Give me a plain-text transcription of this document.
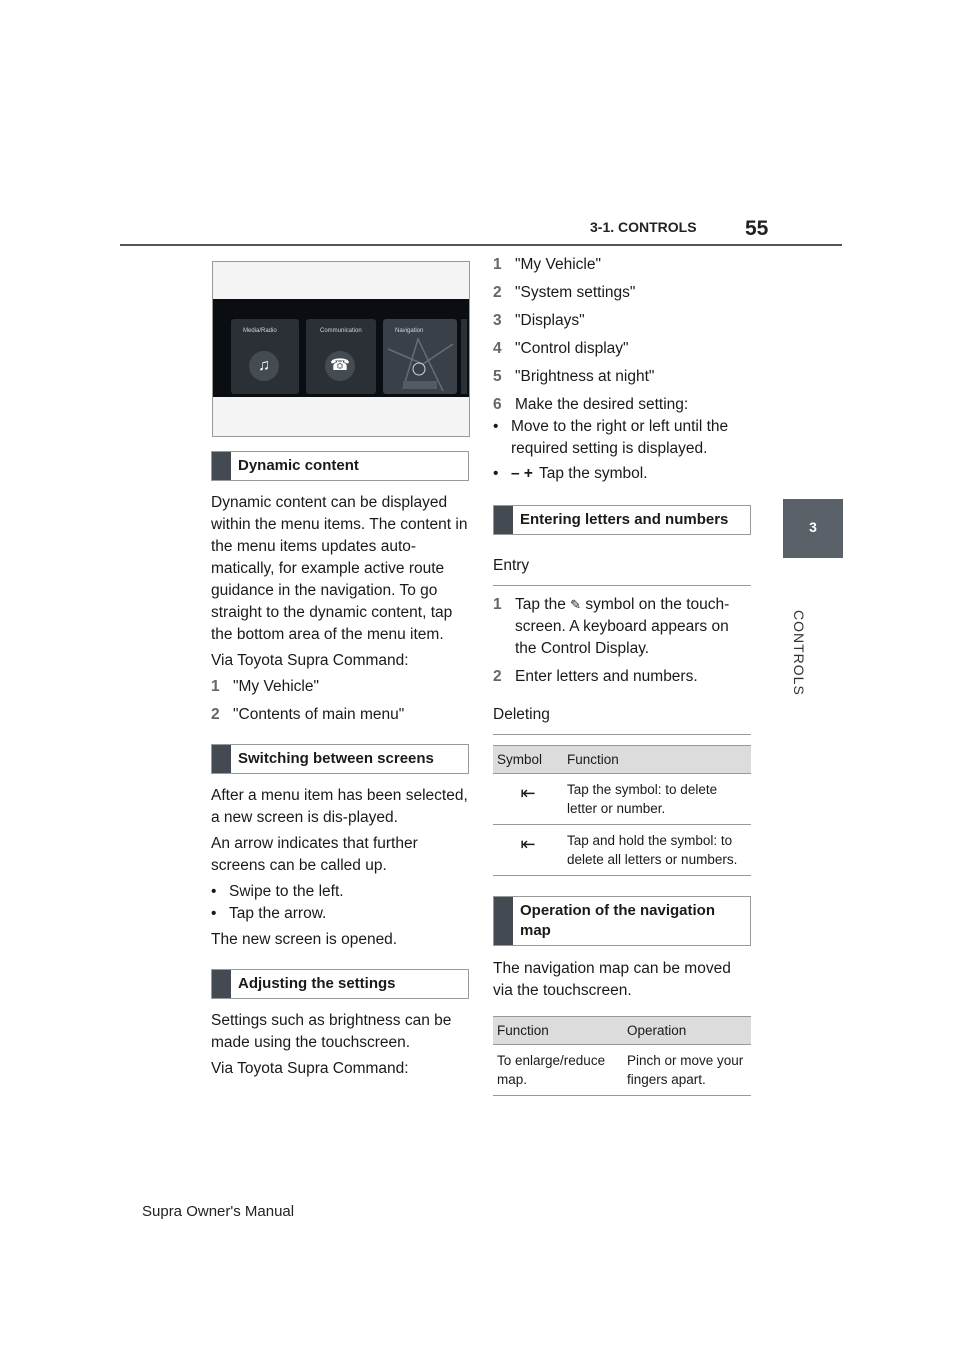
3-1. CONTROLS 55
3
CONTROLS
Media/Radio
♫
Communication
☎
Navigation
Dynamic content

Dynamic content can be displayed within the menu items. The content in the menu items updates auto-matically, for example active route guidance in the navigation. To go straight to the dynamic content, tap the bottom area of the menu item.

Via Toyota Supra Command:

1 "My Vehicle"
2 "Contents of main menu"
Switching between screens

After a menu item has been selected, a new screen is dis-played.

An arrow indicates that further screens can be called up.

• Swipe to the left.
• Tap the arrow.

The new screen is opened.

Adjusting the settings

Settings such as brightness can be made using the touchscreen.

Via Toyota Supra Command:

1 "My Vehicle"
2 "System settings"
3 "Displays"
4 "Control display"
5 "Brightness at night"
6 Make the desired setting:
• Move to the right or left until the required setting is displayed.
• – + Tap the symbol.
Entering letters and numbers
Entry
1 Tap the ✎ symbol on the touch-screen. A keyboard appears on the Control Display.
2 Enter letters and numbers.
Deleting
Symbol	Function
⇤	Tap the symbol: to delete letter or number.
⇤	Tap and hold the symbol: to delete all letters or numbers.
Operation of the navigation map

The navigation map can be moved via the touchscreen.

Function	Operation
To enlarge/reduce map.	Pinch or move your fingers apart.
Supra Owner's Manual
